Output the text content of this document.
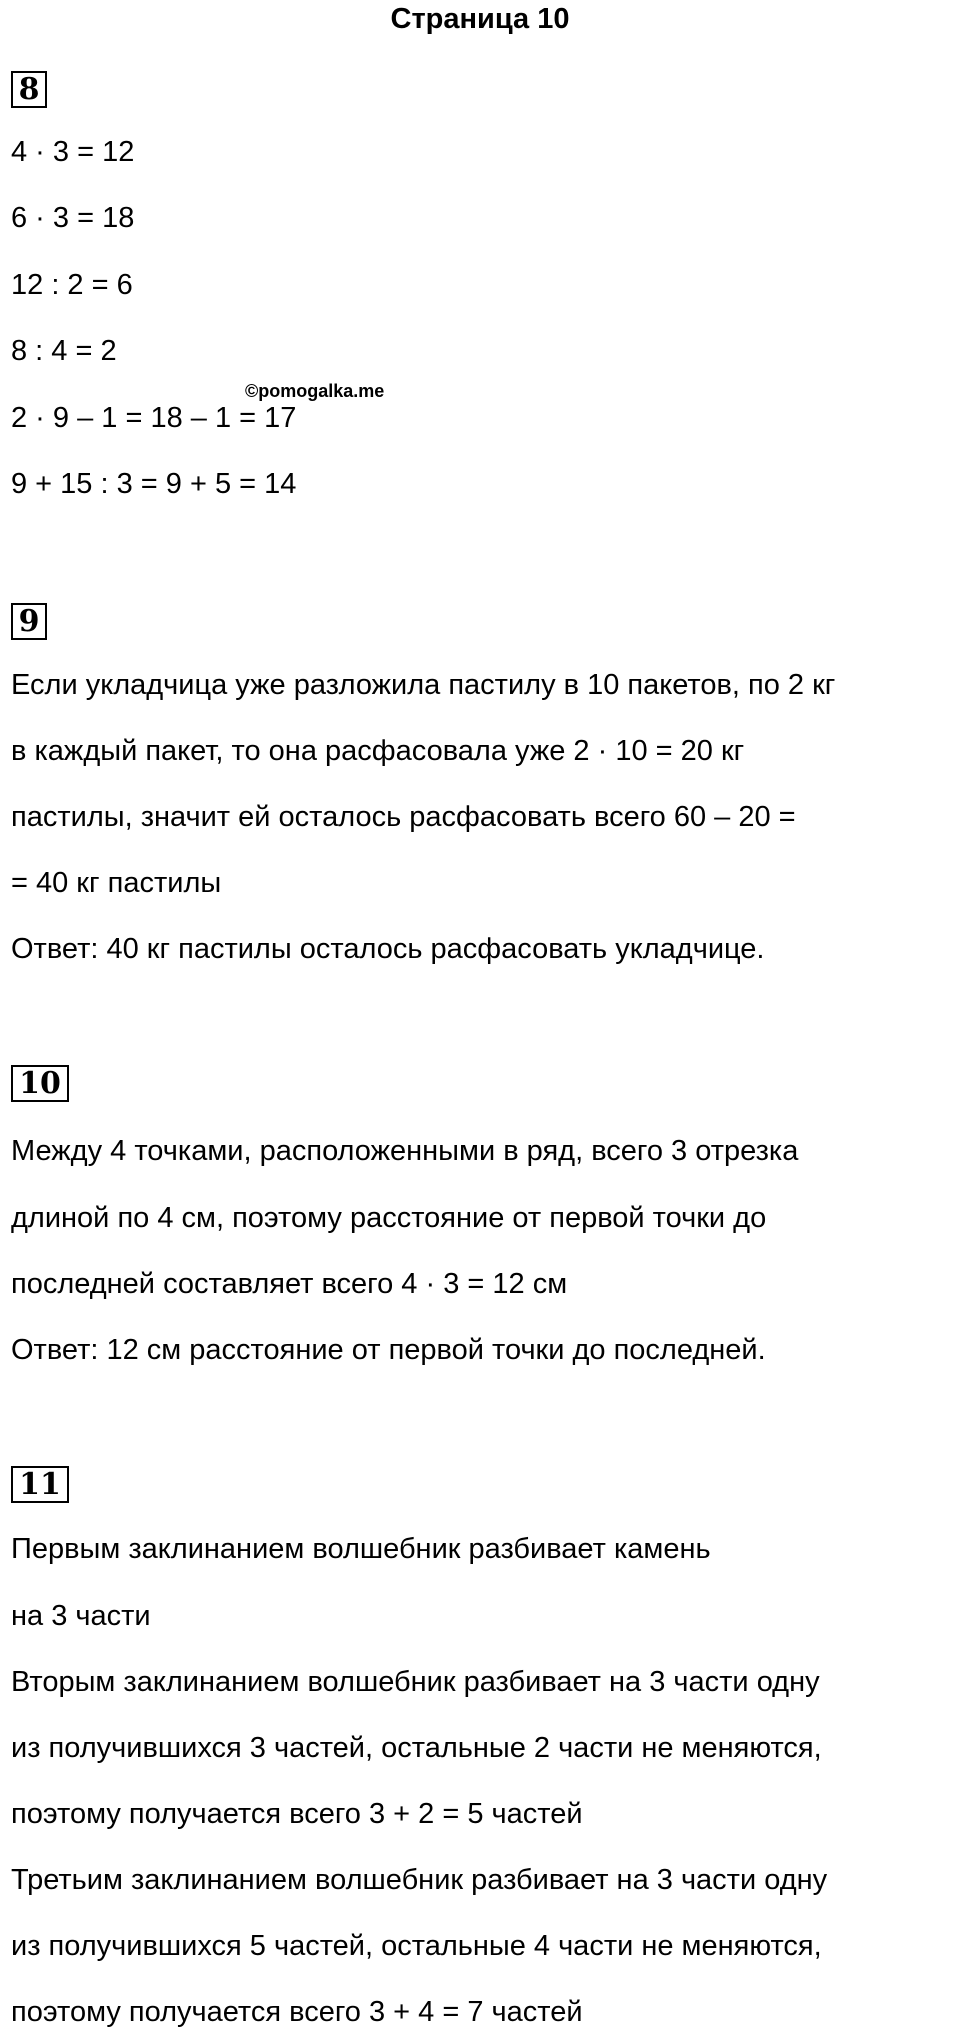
Страница 10
8
4 · 3 = 12
6 · 3 = 18
12 : 2 = 6
8 : 4 = 2
2 · 9 – 1 = 18 – 1 = 17
9 + 15 : 3 = 9 + 5 = 14
©pomogalka.me
9
Если укладчица уже разложила пастилу в 10 пакетов, по 2 кг
в каждый пакет, то она расфасовала уже 2 · 10 = 20 кг
пастилы, значит ей осталось расфасовать всего 60 – 20 =
= 40 кг пастилы
Ответ: 40 кг пастилы осталось расфасовать укладчице.
10
Между 4 точками, расположенными в ряд, всего 3 отрезка
длиной по 4 см, поэтому расстояние от первой точки до
последней составляет всего 4 · 3 = 12 см
Ответ: 12 см расстояние от первой точки до последней.
11
Первым заклинанием волшебник разбивает камень
на 3 части
Вторым заклинанием волшебник разбивает на 3 части одну
из получившихся 3 частей, остальные 2 части не меняются,
поэтому получается всего 3 + 2 = 5 частей
Третьим заклинанием волшебник разбивает на 3 части одну
из получившихся 5 частей, остальные 4 части не меняются,
поэтому получается всего 3 + 4 = 7 частей
